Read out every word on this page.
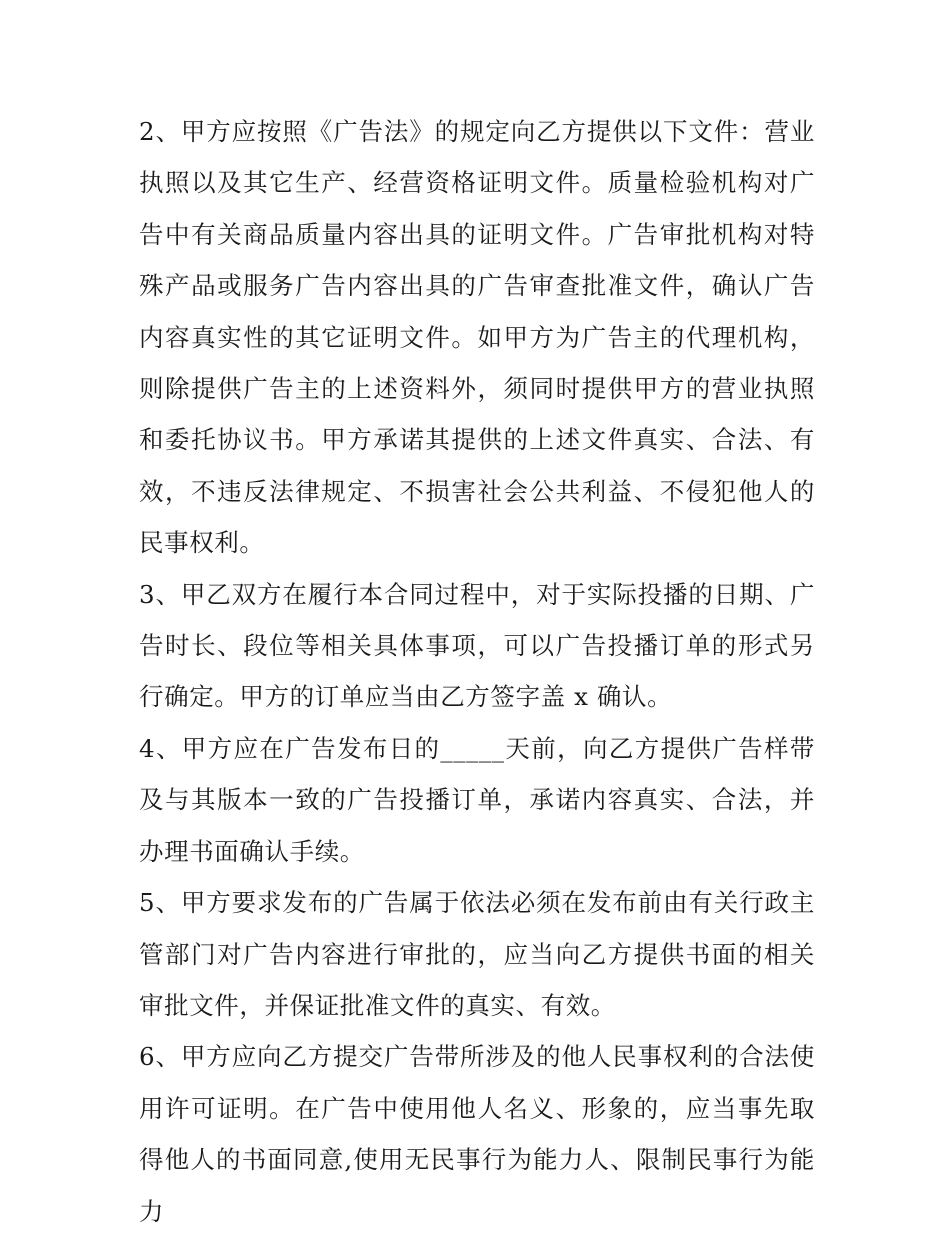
2、甲方应按照《广告法》的规定向乙方提供以下文件：营业执照以及其它生产、经营资格证明文件。质量检验机构对广告中有关商品质量内容出具的证明文件。广告审批机构对特殊产品或服务广告内容出具的广告审查批准文件，确认广告内容真实性的其它证明文件。如甲方为广告主的代理机构，则除提供广告主的上述资料外，须同时提供甲方的营业执照和委托协议书。甲方承诺其提供的上述文件真实、合法、有效，不违反法律规定、不损害社会公共利益、不侵犯他人的民事权利。

3、甲乙双方在履行本合同过程中，对于实际投播的日期、广告时长、段位等相关具体事项，可以广告投播订单的形式另行确定。甲方的订单应当由乙方签字盖 x 确认。

4、甲方应在广告发布日的_____天前，向乙方提供广告样带及与其版本一致的广告投播订单，承诺内容真实、合法，并办理书面确认手续。

5、甲方要求发布的广告属于依法必须在发布前由有关行政主管部门对广告内容进行审批的，应当向乙方提供书面的相关审批文件，并保证批准文件的真实、有效。

6、甲方应向乙方提交广告带所涉及的他人民事权利的合法使用许可证明。在广告中使用他人名义、形象的，应当事先取得他人的书面同意,使用无民事行为能力人、限制民事行为能力
